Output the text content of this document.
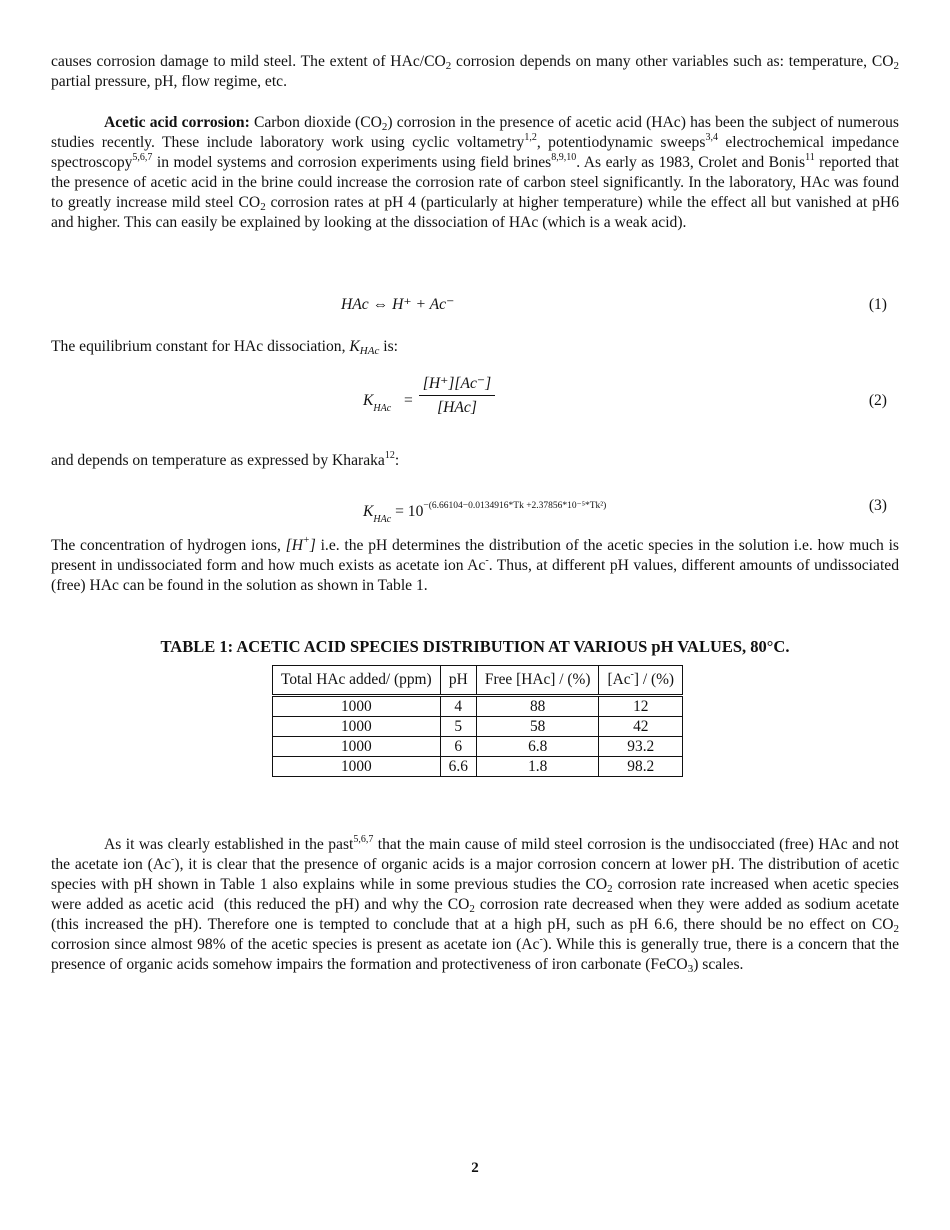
causes corrosion damage to mild steel. The extent of HAc/$CO_2$ corrosion depends on many other variables such as: temperature, $CO_2$ partial pressure, pH, flow regime, etc.

Acetic acid corrosion: Carbon dioxide $(CO_2)$ corrosion in the presence of acetic acid (HAc) has been the subject of numerous studies recently. These include laboratory work using cyclic voltametry$^{1,2}$, potentiodynamic sweeps$^{3,4}$ electrochemical impedance spectroscopy$^{5,6,7}$ in model systems and corrosion experiments using field brines$^{8,9,10}$. As early as 1983, Crolet and Bonis$^{11}$ reported that the presence of acetic acid in the brine could increase the corrosion rate of carbon steel significantly. In the laboratory, HAc was found to greatly increase mild steel $CO_2$ corrosion rates at pH 4 (particularly at higher temperature) while the effect all but vanished at pH6 and higher. This can easily be explained by looking at the dissociation of HAc (which is a weak acid).

HAc ⇔ H⁺ + Ac⁻	(1)

The equilibrium constant for HAc dissociation, $K_{HAc}$ is:

$K_{HAc}$ =
[H⁺][Ac⁻]
[HAc]	(2)

and depends on temperature as expressed by Kharaka$^{12}$:

$K_{HAc} = 10^{-(6.66104-0.0134916*Tk +2.37856*10^{-5}*Tk^2)}$	(3)

The concentration of hydrogen ions, [H+] i.e. the pH determines the distribution of the acetic species in the solution i.e. how much is present in undissociated form and how much exists as acetate ion Ac-. Thus, at different pH values, different amounts of undissociated (free) HAc can be found in the solution as shown in Table 1.

TABLE 1: ACETIC ACID SPECIES DISTRIBUTION AT VARIOUS pH VALUES, 80°C.
Total HAc added/ (ppm)	pH	Free [HAc] / (%)	[Ac-] / (%)
1000	4	88	12
1000	5	58	42
1000	6	6.8	93.2
1000	6.6	1.8	98.2

As it was clearly established in the past$^{5,6,7}$ that the main cause of mild steel corrosion is the undisocciated (free) HAc and not the acetate ion (Ac-), it is clear that the presence of organic acids is a major corrosion concern at lower pH. The distribution of acetic species with pH shown in Table 1 also explains while in some previous studies the $CO_2$ corrosion rate increased when acetic species were added as acetic acid  (this reduced the pH) and why the $CO_2$ corrosion rate decreased when they were added as sodium acetate (this increased the pH). Therefore one is tempted to conclude that at a high pH, such as pH 6.6, there should be no effect on $CO_2$ corrosion since almost 98% of the acetic species is present as acetate ion (Ac-). While this is generally true, there is a concern that the presence of organic acids somehow impairs the formation and protectiveness of iron carbonate (FeCO$_3$) scales.

2
